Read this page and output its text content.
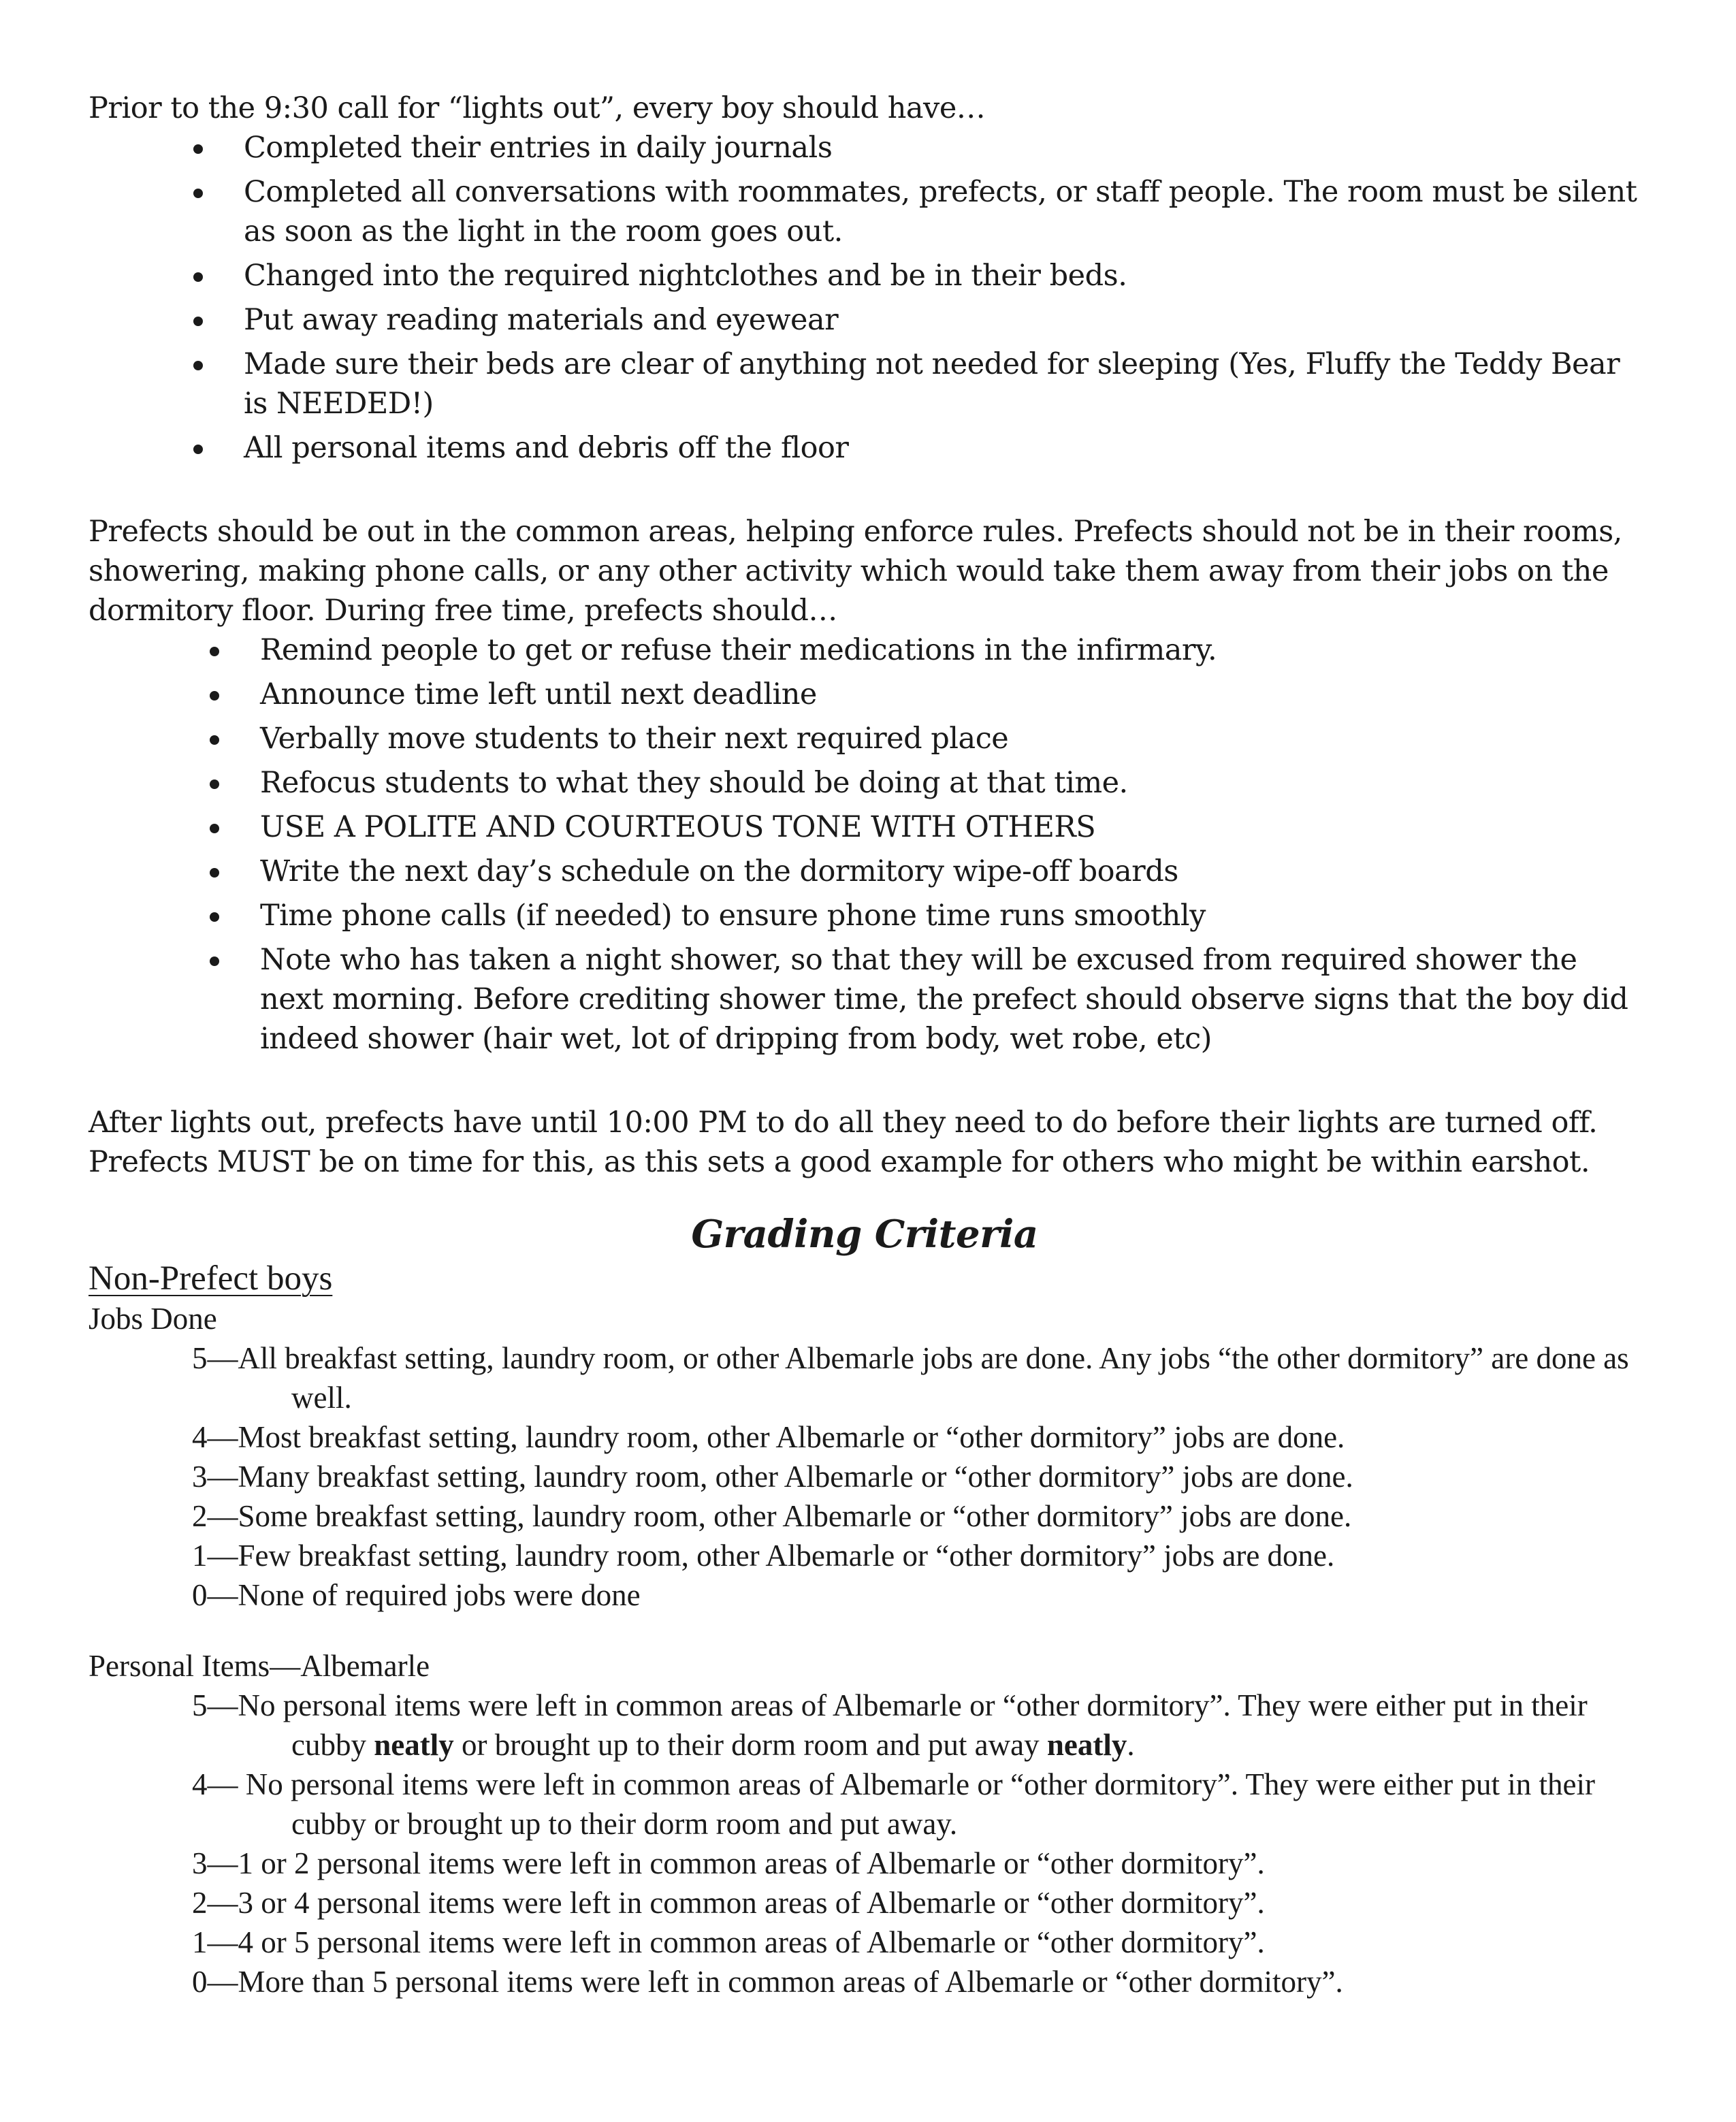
Prior to the 9:30 call for “lights out”, every boy should have…

Completed their entries in daily journals
Completed all conversations with roommates, prefects, or staff people. The room must be silent as soon as the light in the room goes out.
Changed into the required nightclothes and be in their beds.
Put away reading materials and eyewear
Made sure their beds are clear of anything not needed for sleeping (Yes, Fluffy the Teddy Bear is NEEDED!)
All personal items and debris off the floor

Prefects should be out in the common areas, helping enforce rules. Prefects should not be in their rooms, showering, making phone calls, or any other activity which would take them away from their jobs on the dormitory floor. During free time, prefects should…

Remind people to get or refuse their medications in the infirmary.
Announce time left until next deadline
Verbally move students to their next required place
Refocus students to what they should be doing at that time.
USE A POLITE AND COURTEOUS TONE WITH OTHERS
Write the next day’s schedule on the dormitory wipe-off boards
Time phone calls (if needed) to ensure phone time runs smoothly
Note who has taken a night shower, so that they will be excused from required shower the next morning. Before crediting shower time, the prefect should observe signs that the boy did indeed shower (hair wet, lot of dripping from body, wet robe, etc)

After lights out, prefects have until 10:00 PM to do all they need to do before their lights are turned off. Prefects MUST be on time for this, as this sets a good example for others who might be within earshot.

Grading Criteria

Non-Prefect boys

Jobs Done

5—All breakfast setting, laundry room, or other Albemarle jobs are done. Any jobs “the other dormitory” are done as well.
4—Most breakfast setting, laundry room, other Albemarle or “other dormitory” jobs are done.
3—Many breakfast setting, laundry room, other Albemarle or “other dormitory” jobs are done.
2—Some breakfast setting, laundry room, other Albemarle or “other dormitory” jobs are done.
1—Few breakfast setting, laundry room, other Albemarle or “other dormitory” jobs are done.
0—None of required jobs were done

Personal Items—Albemarle

5—No personal items were left in common areas of Albemarle or “other dormitory”. They were either put in their cubby neatly or brought up to their dorm room and put away neatly.
4— No personal items were left in common areas of Albemarle or “other dormitory”. They were either put in their cubby or brought up to their dorm room and put away.
3—1 or 2 personal items were left in common areas of Albemarle or “other dormitory”.
2—3 or 4 personal items were left in common areas of Albemarle or “other dormitory”.
1—4 or 5 personal items were left in common areas of Albemarle or “other dormitory”.
0—More than 5 personal items were left in common areas of Albemarle or “other dormitory”.
